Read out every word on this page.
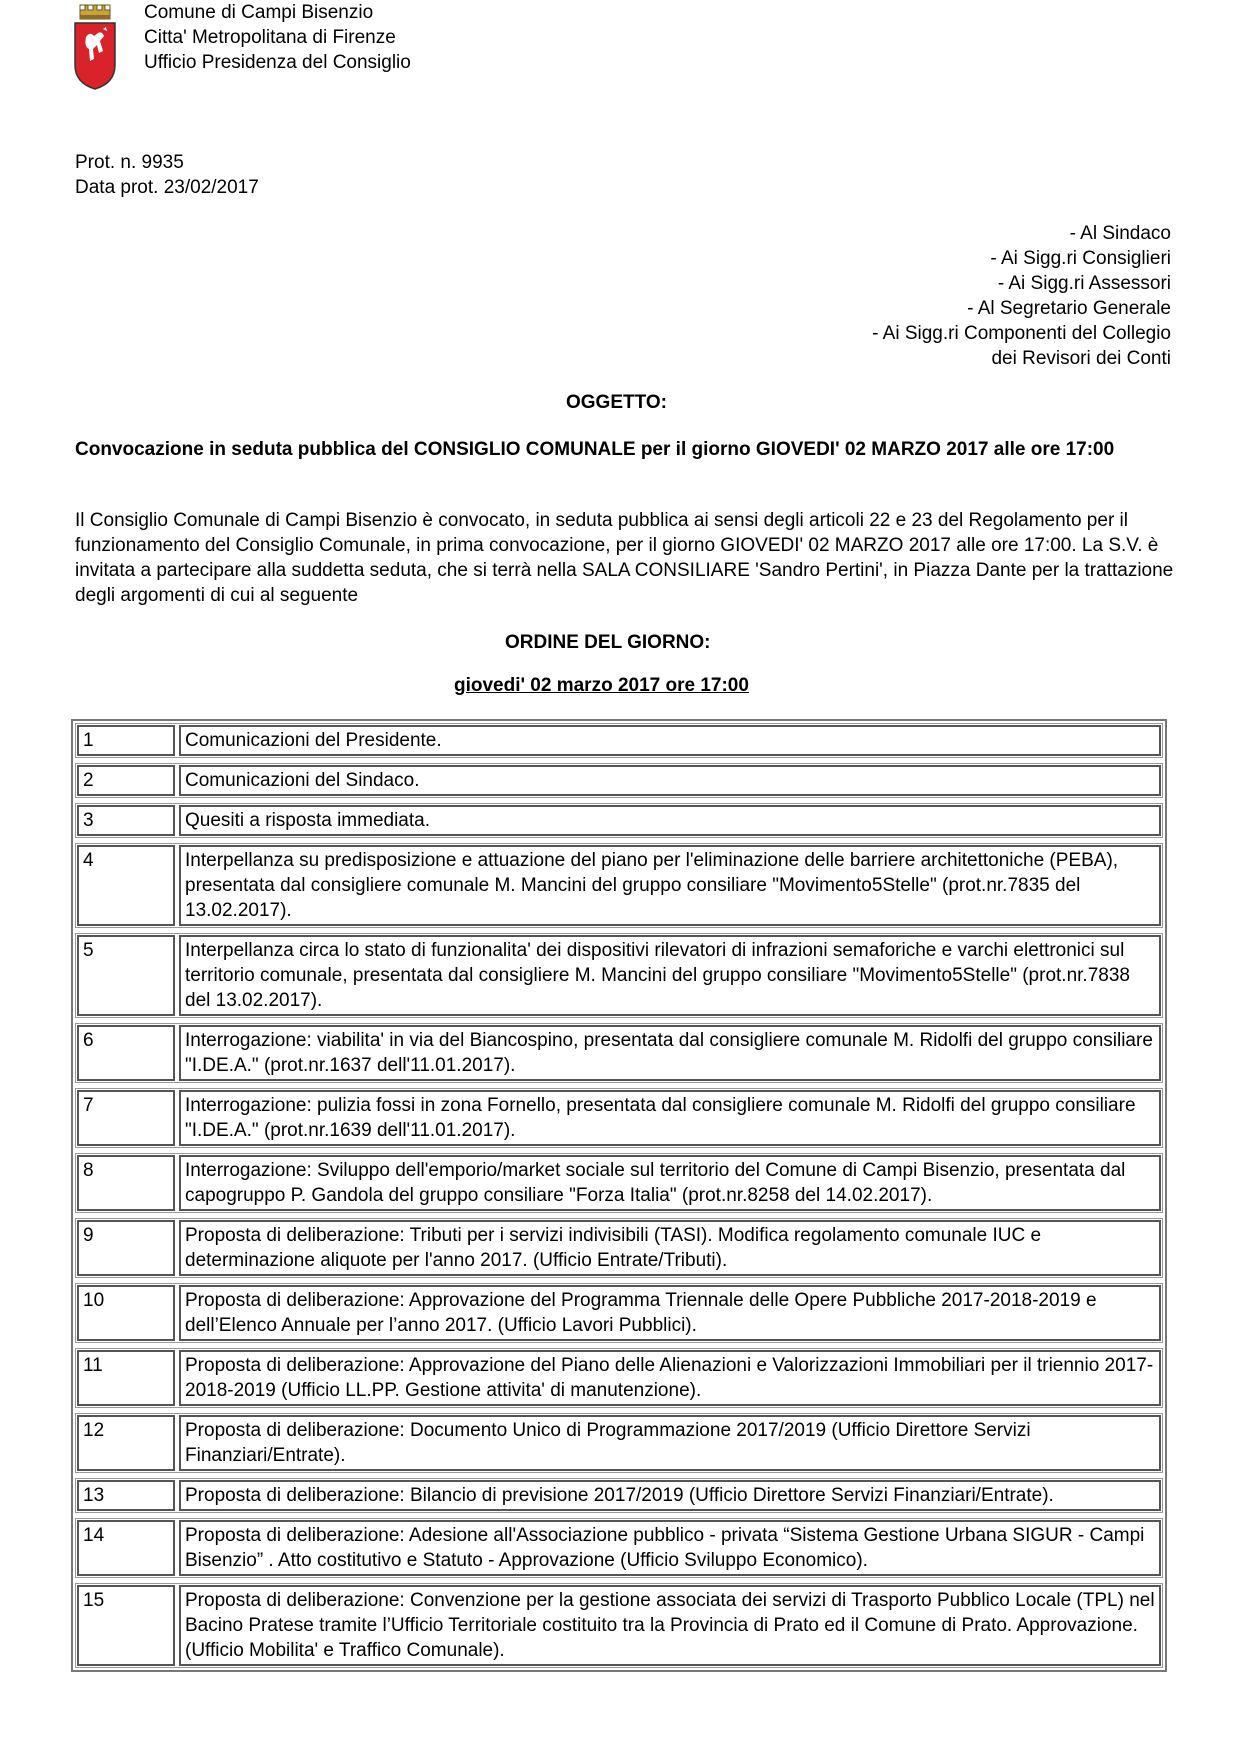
Comune di Campi Bisenzio
Citta' Metropolitana di Firenze
Ufficio Presidenza del Consiglio
Prot. n. 9935
Data prot. 23/02/2017
- Al Sindaco
- Ai Sigg.ri Consiglieri
- Ai Sigg.ri Assessori
- Al Segretario Generale
- Ai Sigg.ri Componenti del Collegio
dei Revisori dei Conti
OGGETTO:
Convocazione in seduta pubblica del CONSIGLIO COMUNALE per il giorno GIOVEDI' 02 MARZO 2017 alle ore 17:00
Il Consiglio Comunale di Campi Bisenzio è convocato, in seduta pubblica ai sensi degli articoli 22 e 23 del Regolamento per il funzionamento del Consiglio Comunale, in prima convocazione, per il giorno GIOVEDI' 02 MARZO 2017 alle ore 17:00. La S.V. è invitata a partecipare alla suddetta seduta, che si terrà nella SALA CONSILIARE 'Sandro Pertini', in Piazza Dante per la trattazione degli argomenti di cui al seguente
ORDINE DEL GIORNO:
giovedi' 02 marzo 2017 ore 17:00
1	Comunicazioni del Presidente.
2	Comunicazioni del Sindaco.
3	Quesiti a risposta immediata.
4	Interpellanza su predisposizione e attuazione del piano per l'eliminazione delle barriere architettoniche (PEBA), presentata dal consigliere comunale M. Mancini del gruppo consiliare "Movimento5Stelle" (prot.nr.7835 del 13.02.2017).
5	Interpellanza circa lo stato di funzionalita' dei dispositivi rilevatori di infrazioni semaforiche e varchi elettronici sul territorio comunale, presentata dal consigliere M. Mancini del gruppo consiliare "Movimento5Stelle" (prot.nr.7838 del 13.02.2017).
6	Interrogazione: viabilita' in via del Biancospino, presentata dal consigliere comunale M. Ridolfi del gruppo consiliare "I.DE.A." (prot.nr.1637 dell'11.01.2017).
7	Interrogazione: pulizia fossi in zona Fornello, presentata dal consigliere comunale M. Ridolfi del gruppo consiliare "I.DE.A." (prot.nr.1639 dell'11.01.2017).
8	Interrogazione: Sviluppo dell'emporio/market sociale sul territorio del Comune di Campi Bisenzio, presentata dal capogruppo P. Gandola del gruppo consiliare "Forza Italia" (prot.nr.8258 del 14.02.2017).
9	Proposta di deliberazione: Tributi per i servizi indivisibili (TASI). Modifica regolamento comunale IUC e determinazione aliquote per l'anno 2017. (Ufficio Entrate/Tributi).
10	Proposta di deliberazione: Approvazione del Programma Triennale delle Opere Pubbliche 2017-2018-2019 e dell’Elenco Annuale per l’anno 2017. (Ufficio Lavori Pubblici).
11	Proposta di deliberazione: Approvazione del Piano delle Alienazioni e Valorizzazioni Immobiliari per il triennio 2017-2018-2019 (Ufficio LL.PP. Gestione attivita' di manutenzione).
12	Proposta di deliberazione: Documento Unico di Programmazione 2017/2019 (Ufficio Direttore Servizi Finanziari/Entrate).
13	Proposta di deliberazione: Bilancio di previsione 2017/2019 (Ufficio Direttore Servizi Finanziari/Entrate).
14	Proposta di deliberazione: Adesione all'Associazione pubblico - privata “Sistema Gestione Urbana SIGUR - Campi Bisenzio” . Atto costitutivo e Statuto - Approvazione (Ufficio Sviluppo Economico).
15	Proposta di deliberazione: Convenzione per la gestione associata dei servizi di Trasporto Pubblico Locale (TPL) nel Bacino Pratese tramite l’Ufficio Territoriale costituito tra la Provincia di Prato ed il Comune di Prato. Approvazione.(Ufficio Mobilita' e Traffico Comunale).
